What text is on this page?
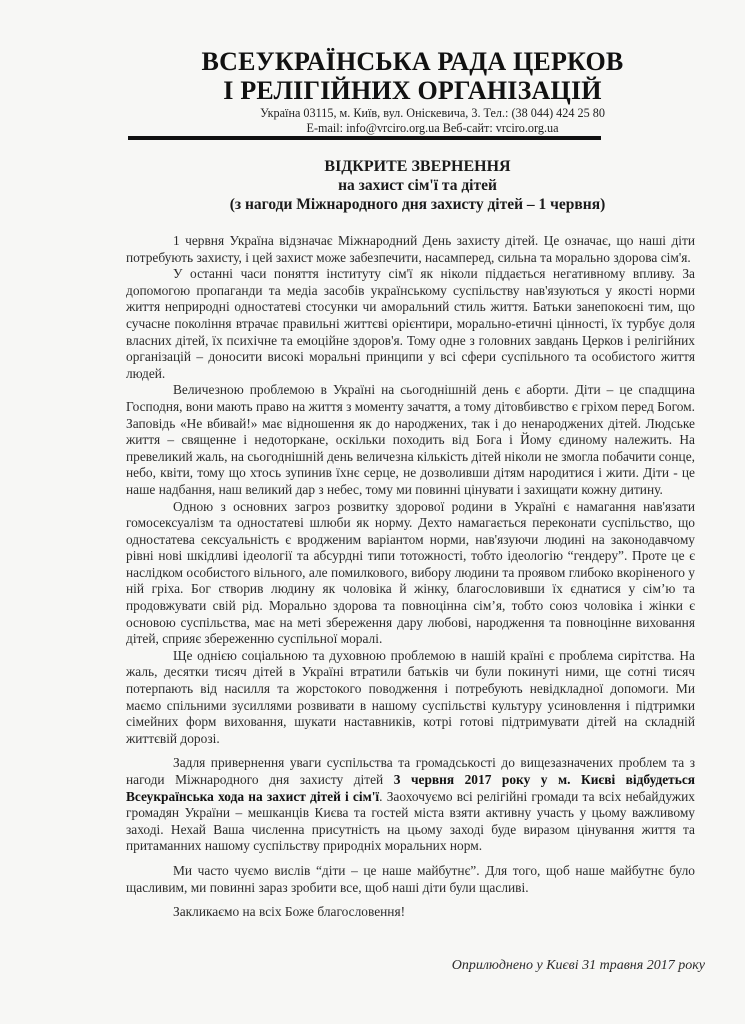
ВСЕУКРАЇНСЬКА РАДА ЦЕРКОВ
І РЕЛІГІЙНИХ ОРГАНІЗАЦІЙ
Україна 03115, м. Київ, вул. Оніскевича, 3. Тел.: (38 044) 424 25 80
E-mail: info@vrciro.org.ua Веб-сайт: vrciro.org.ua
ВІДКРИТЕ ЗВЕРНЕННЯ
на захист сім'ї та дітей
(з нагоди Міжнародного дня захисту дітей – 1 червня)

1 червня Україна відзначає Міжнародний День захисту дітей. Це означає, що наші діти потребують захисту, і цей захист може забезпечити, насамперед, сильна та морально здорова сім'я.

У останні часи поняття інституту сім'ї як ніколи піддається негативному впливу. За допомогою пропаганди та медіа засобів українському суспільству нав'язуються у якості норми життя неприродні одностатеві стосунки чи аморальний стиль життя. Батьки занепокоєні тим, що сучасне покоління втрачає правильні життєві орієнтири, морально-етичні цінності, їх турбує доля власних дітей, їх психічне та емоційне здоров'я. Тому одне з головних завдань Церков і релігійних організацій – доносити високі моральні принципи у всі сфери суспільного та особистого життя людей.

Величезною проблемою в Україні на сьогоднішній день є аборти. Діти – це спадщина Господня, вони мають право на життя з моменту зачаття, а тому дітовбивство є гріхом перед Богом. Заповідь «Не вбивай!» має відношення як до народжених, так і до ненароджених дітей. Людське життя – священне і недоторкане, оскільки походить від Бога і Йому єдиному належить. На превеликий жаль, на сьогоднішній день величезна кількість дітей ніколи не змогла побачити сонце, небо, квіти, тому що хтось зупинив їхнє серце, не дозволивши дітям народитися і жити. Діти - це наше надбання, наш великий дар з небес, тому ми повинні цінувати і захищати кожну дитину.

Одною з основних загроз розвитку здорової родини в Україні є намагання нав'язати гомосексуалізм та одностатеві шлюби як норму. Дехто намагається переконати суспільство, що одностатева сексуальність є вродженим варіантом норми, нав'язуючи людині на законодавчому рівні нові шкідливі ідеології та абсурдні типи тотожності, тобто ідеологію “гендеру”. Проте це є наслідком особистого вільного, але помилкового, вибору людини та проявом глибоко вкоріненого у ній гріха. Бог створив людину як чоловіка й жінку, благословивши їх єднатися у сім’ю та продовжувати свій рід. Морально здорова та повноцінна сім’я, тобто союз чоловіка і жінки є основою суспільства, має на меті збереження дару любові, народження та повноцінне виховання дітей, сприяє збереженню суспільної моралі.

Ще однією соціальною та духовною проблемою в нашій країні є проблема сирітства. На жаль, десятки тисяч дітей в Україні втратили батьків чи були покинуті ними, ще сотні тисяч потерпають від насилля та жорстокого поводження і потребують невідкладної допомоги. Ми маємо спільними зусиллями розвивати в нашому суспільстві культуру усиновлення і підтримки сімейних форм виховання, шукати наставників, котрі готові підтримувати дітей на складній життєвій дорозі.

Задля привернення уваги суспільства та громадськості до вищезазначених проблем та з нагоди Міжнародного дня захисту дітей 3 червня 2017 року у м. Києві відбудеться Всеукраїнська хода на захист дітей і сім'ї. Заохочуємо всі релігійні громади та всіх небайдужих громадян України – мешканців Києва та гостей міста взяти активну участь у цьому важливому заході. Нехай Ваша численна присутність на цьому заході буде виразом цінування життя та притаманних нашому суспільству природніх моральних норм.

Ми часто чуємо вислів “діти – це наше майбутнє”. Для того, щоб наше майбутнє було щасливим, ми повинні зараз зробити все, щоб наші діти були щасливі.

Закликаємо на всіх Боже благословення!

Оприлюднено у Києві 31 травня 2017 року
